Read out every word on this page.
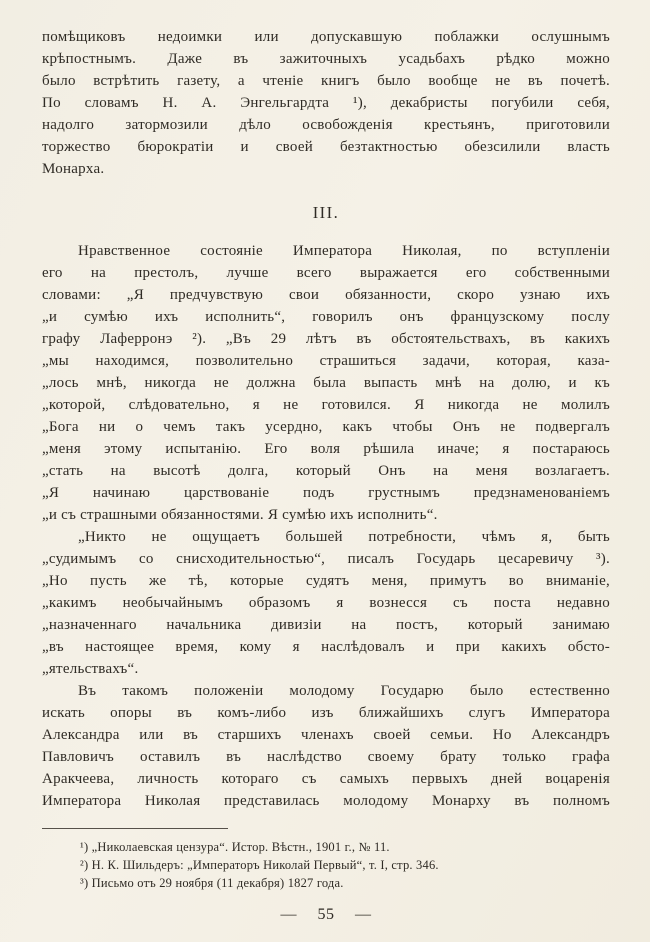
помѣщиковъ недоимки или допускавшую поблажки ослушнымъ
крѣпостнымъ. Даже въ зажиточныхъ усадьбахъ рѣдко можно
было встрѣтить газету, а чтеніе книгъ было вообще не въ почетѣ.
По словамъ Н. А. Энгельгардта ¹), декабристы погубили себя,
надолго затормозили дѣло освобожденія крестьянъ, приготовили
торжество бюрократіи и своей безтактностью обезсилили власть
Монарха.
III.
Нравственное состояніе Императора Николая, по вступленіи
его на престолъ, лучше всего выражается его собственными
словами: „Я предчувствую свои обязанности, скоро узнаю ихъ
„и сумѣю ихъ исполнить“, говорилъ онъ французскому послу
графу Лаферронэ ²). „Въ 29 лѣтъ въ обстоятельствахъ, въ какихъ
„мы находимся, позволительно страшиться задачи, которая, каза-
„лось мнѣ, никогда не должна была выпасть мнѣ на долю, и къ
„которой, слѣдовательно, я не готовился. Я никогда не молилъ
„Бога ни о чемъ такъ усердно, какъ чтобы Онъ не подвергалъ
„меня этому испытанію. Его воля рѣшила иначе; я постараюсь
„стать на высотѣ долга, который Онъ на меня возлагаетъ.
„Я начинаю царствованіе подъ грустнымъ предзнаменованіемъ
„и съ страшными обязанностями. Я сумѣю ихъ исполнить“.
„Никто не ощущаетъ большей потребности, чѣмъ я, быть
„судимымъ со снисходительностью“, писалъ Государь цесаревичу ³).
„Но пусть же тѣ, которые судятъ меня, примутъ во вниманіе,
„какимъ необычайнымъ образомъ я вознесся съ поста недавно
„назначеннаго начальника дивизіи на постъ, который занимаю
„въ настоящее время, кому я наслѣдовалъ и при какихъ обсто-
„ятельствахъ“.
Въ такомъ положеніи молодому Государю было естественно
искать опоры въ комъ-либо изъ ближайшихъ слугъ Императора
Александра или въ старшихъ членахъ своей семьи. Но Александръ
Павловичъ оставилъ въ наслѣдство своему брату только графа
Аракчеева, личность котораго съ самыхъ первыхъ дней воцаренія
Императора Николая представилась молодому Монарху въ полномъ
¹) „Николаевская цензура“. Истор. Вѣстн., 1901 г., № 11.
²) Н. К. Шильдеръ: „Императоръ Николай Первый“, т. I, стр. 346.
³) Письмо отъ 29 ноября (11 декабря) 1827 года.
— 55 —
